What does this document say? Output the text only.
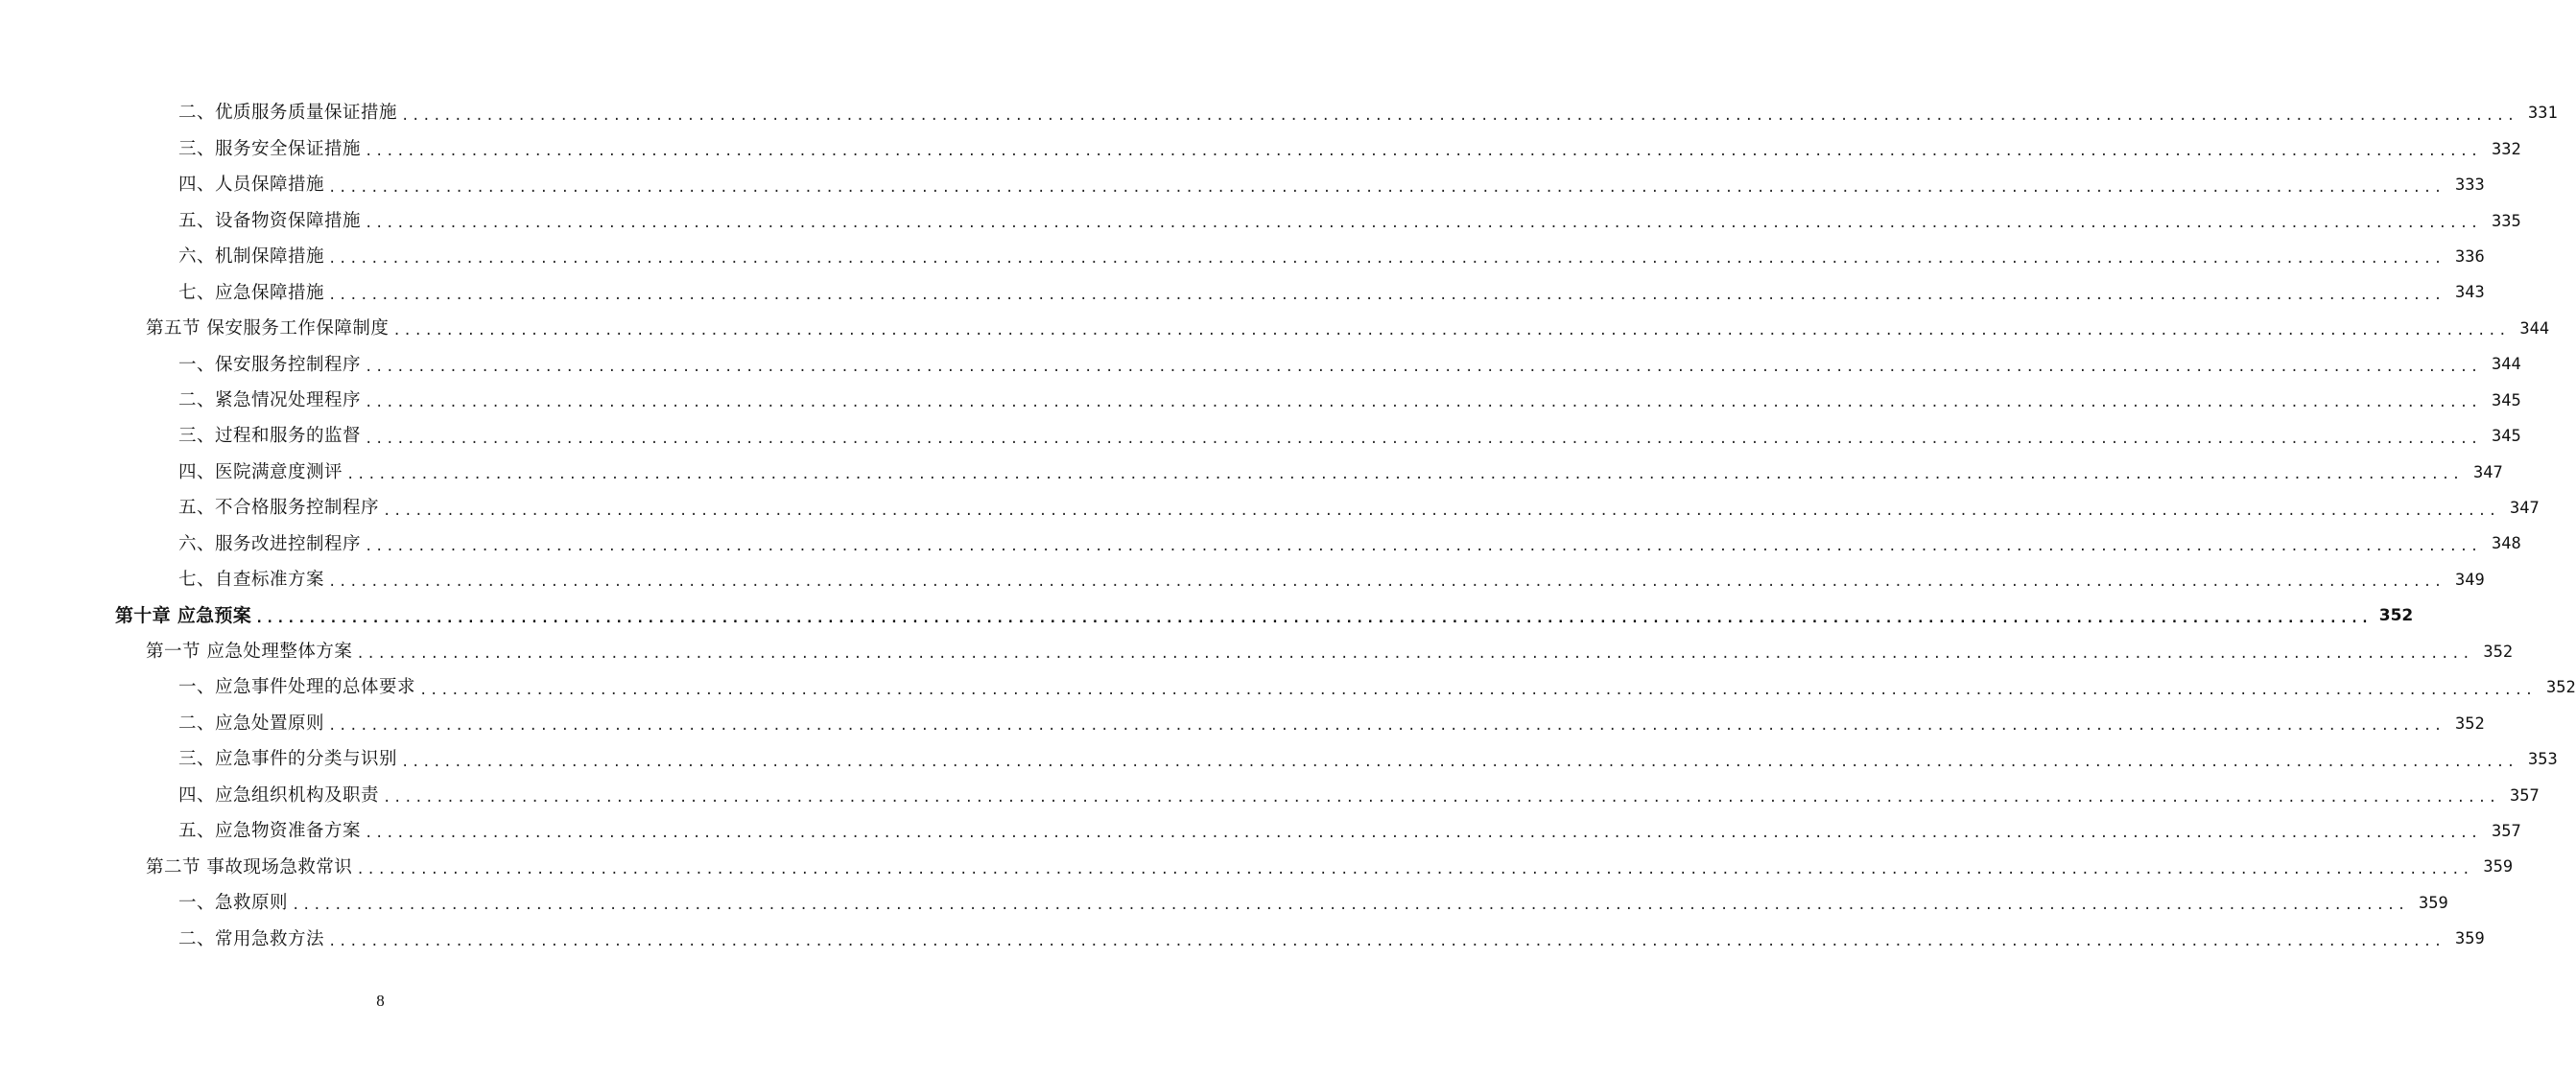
二、优质服务质量保证措施 ........................................................................................................................................................................................................ 331
三、服务安全保证措施 ........................................................................................................................................................................................................ 332
四、人员保障措施 ........................................................................................................................................................................................................ 333
五、设备物资保障措施 ........................................................................................................................................................................................................ 335
六、机制保障措施 ........................................................................................................................................................................................................ 336
七、应急保障措施 ........................................................................................................................................................................................................ 343
第五节 保安服务工作保障制度 ........................................................................................................................................................................................................ 344
一、保安服务控制程序 ........................................................................................................................................................................................................ 344
二、紧急情况处理程序 ........................................................................................................................................................................................................ 345
三、过程和服务的监督 ........................................................................................................................................................................................................ 345
四、医院满意度测评 ........................................................................................................................................................................................................ 347
五、不合格服务控制程序 ........................................................................................................................................................................................................ 347
六、服务改进控制程序 ........................................................................................................................................................................................................ 348
七、自查标准方案 ........................................................................................................................................................................................................ 349
第十章 应急预案 ........................................................................................................................................................................................................ 352
第一节 应急处理整体方案 ........................................................................................................................................................................................................ 352
一、应急事件处理的总体要求 ........................................................................................................................................................................................................ 352
二、应急处置原则 ........................................................................................................................................................................................................ 352
三、应急事件的分类与识别 ........................................................................................................................................................................................................ 353
四、应急组织机构及职责 ........................................................................................................................................................................................................ 357
五、应急物资准备方案 ........................................................................................................................................................................................................ 357
第二节 事故现场急救常识 ........................................................................................................................................................................................................ 359
一、急救原则 ........................................................................................................................................................................................................ 359
二、常用急救方法 ........................................................................................................................................................................................................ 359
8
